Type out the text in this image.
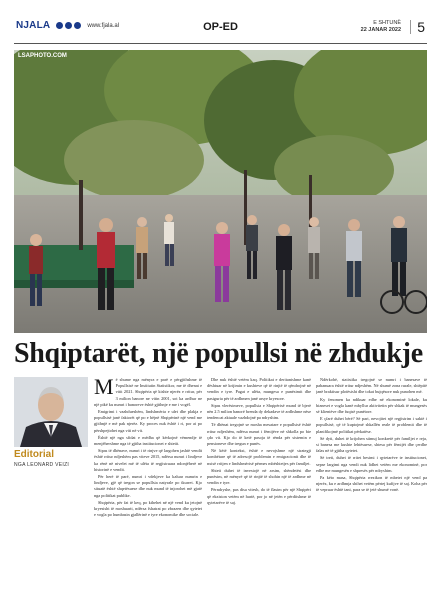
NJALA	www.fjala.al	OP-ED	E SHTUNË
22 JANAR 2022	5
LSAPHOTO.COM
Shqiptarët, një popullsi në zhdukje
Editorial
NGA LEONARD VEIZI

Më shume nga mënyra e parë e përgjithshme të Popullsisë ne Institutin Statistikor, me të dhenat e vitit 2021. Shqipëria që kishte njerëz e rritur, për 3 milion banore ne vitin 2001, sot ka ardhur ne një pikë ku numri i banoreve është gjithnje e me i vogël.

Emigrimi i vazhdueshëm, lindshmëria e ulet dhe plakja e popullsisë janë faktorët që po e bëjnë Shqipërinë një vend me gjithnjë e më pak njerëz. Ky proces nuk është i ri, por ai po përshpejtohet nga viti në vit.

Është një nga sfidat e mëdha që kërkojnë vëmendje të menjëhershme nga të gjitha institucionet e shtetit.

Sipas të dhënave, numri i të rinjve që largohen jashtë vendit është rritur ndjeshëm pas viteve 2015, ndërsa numri i lindjeve ka rënë në nivelet më të ulëta të regjistruara ndonjëherë në historinë e vendit.

Për herë të parë, numri i vdekjeve ka kaluar numrin e lindjeve, gjë që tregon se popullsia natyrale po tkurret. Kjo situatë është shqetësuese dhe nuk mund të injorohet më gjatë nga politikat publike.

Shqipëria, për fat të keq, po kthehet në një vend ku jetojnë kryesisht të moshuarit, ndërsa fshatrat po zbrazen dhe qytetet e vogla po humbasin gjallërinë e tyre ekonomike dhe sociale.

Dhe nuk është vetëm kaq. Politikat e deritanishme kanë dështuar në krijimin e kushteve që të rinjtë të qëndrojnë në vendin e tyre. Pagat e ulëta, mungesa e punësimit dhe pasiguria për të ardhmen janë arsye kryesore.

Sipas vlerësimeve, popullsia e Shqipërisë mund të bjerë nën 2.5 milion banorë brenda dy dekadave të ardhshme nëse tendencat aktuale vazhdojnë pa ndryshim.

Të dhënat tregojnë se mosha mesatare e popullsisë është rritur ndjeshëm, ndërsa numri i fëmijëve në shkolla po bie çdo vit. Kjo do të ketë pasoja të rënda për sistemin e pensioneve dhe tregun e punës.

Në këtë kontekst, është e nevojshme një strategji kombëtare që të adresojë problemin e emigracionit dhe të nxisë rritjen e lindshmërisë përmes mbështetjes për familjet.

Shteti duhet të investojë në arsim, shëndetësi dhe punësim, në mënyrë që të rinjtë të shohin një të ardhme në vendin e tyre.

Përndryshe, pas disa vitesh, do të flasim për një Shqipëri që ekziston vetëm në hartë, por jo në jetën e përditshme të qytetarëve të saj.

Ndërkohë, statistika tregojnë se numri i banesave të pabanuara është rritur ndjeshëm. Në shumë zona rurale, shtëpitë janë braktisur plotësisht dhe tokat bujqësore nuk punohen më.

Ky fenomen ka ndikuar edhe në ekonominë lokale, ku bizneset e vogla kanë mbyllur aktivitetin për shkak të mungesës së klientëve dhe fuqisë punëtore.

E çfarë duhet bërë? Së pari, nevojitet një regjistrim i saktë i popullsisë, që të kuptojmë shkallën reale të problemit dhe të planifikojmë politikat përkatëse.

Së dyti, duhet të krijohen stimuj konkretë për familjet e reja, si banesa me kushte lehtësuese, shtesa për fëmijët dhe çerdhe falas në të gjitha qytetet.

Së treti, duhet të rritet besimi i qytetarëve te institucionet, sepse largimi nga vendi nuk lidhet vetëm me ekonominë, por edhe me mungesën e shpresës për ndryshim.

Pa këto masa, Shqipëria rrezikon të mbetet një vend pa njerëz, ku e ardhmja shihet vetëm përtej kufijve të saj. Koha për të vepruar është tani, para se të jetë shumë vonë.
